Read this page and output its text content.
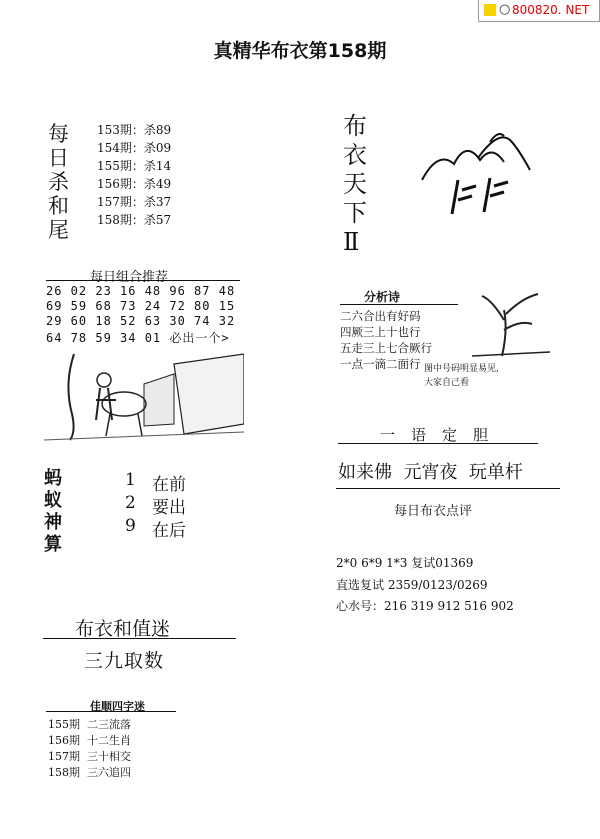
○ 800820. NET
真精华布衣第158期
每
日
杀
和
尾
153期：杀89
154期：杀09
155期：杀14
156期：杀49
157期：杀37
158期：杀57
布
衣
天
下
Ⅱ
每日组合推荐
26 02 23 16 48 96 87 48
69 59 68 73 24 72 80 15
29 60 18 52 63 30 74 32
64 78 59 34 01 必出一个>
分析诗
二六合出有好码
四厥三上十也行
五走三上七合厥行
一点一滴二面行 图中号码明显易见,
大家自己看
蚂
蚁
神
算
1 在前
2 要出
9 在后
一语定胆
如来佛  元宵夜  玩单杆
每日布衣点评
2*0 6*9 1*3 复试01369
直选复试 2359/0123/0269
心水号：216 319 912 516 902
布衣和值迷
三九取数
佳顺四字迷
155期  二三流落
156期  十二生肖
157期  三十相交
158期  三六追四
